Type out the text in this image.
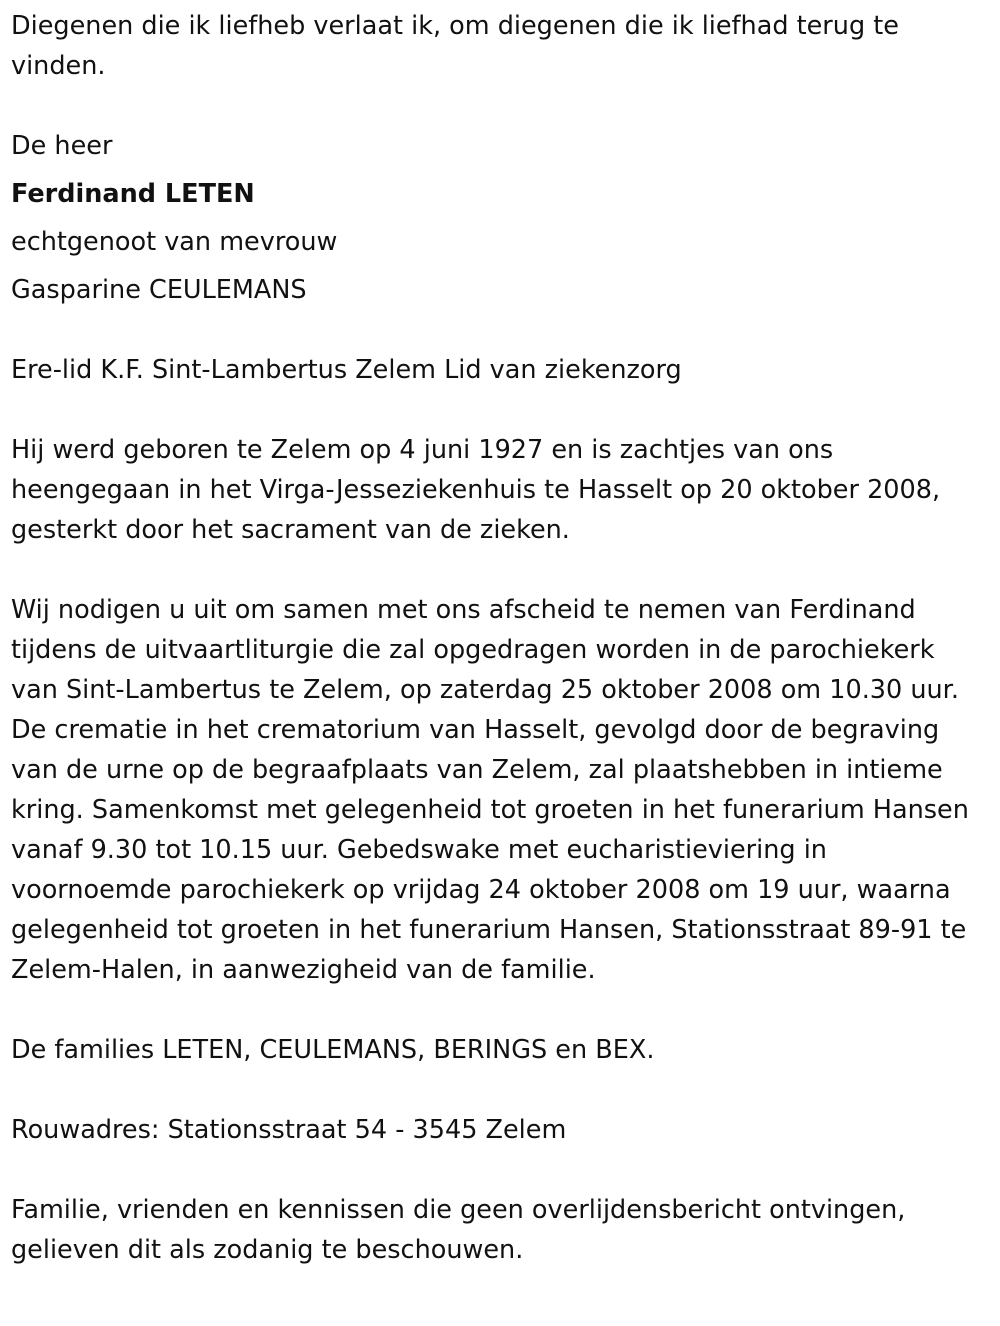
Diegenen die ik liefheb verlaat ik, om diegenen die ik liefhad terug te vinden.

De heer

Ferdinand LETEN

echtgenoot van mevrouw

Gasparine CEULEMANS

Ere-lid K.F. Sint-Lambertus Zelem Lid van ziekenzorg

Hij werd geboren te Zelem op 4 juni 1927 en is zachtjes van ons heengegaan in het Virga-Jesseziekenhuis te Hasselt op 20 oktober 2008, gesterkt door het sacrament van de zieken.

Wij nodigen u uit om samen met ons afscheid te nemen van Ferdinand tijdens de uitvaartliturgie die zal opgedragen worden in de parochiekerk van Sint-Lambertus te Zelem, op zaterdag 25 oktober 2008 om 10.30 uur. De crematie in het crematorium van Hasselt, gevolgd door de begraving van de urne op de begraafplaats van Zelem, zal plaatshebben in intieme kring. Samenkomst met gelegenheid tot groeten in het funerarium Hansen vanaf 9.30 tot 10.15 uur. Gebedswake met eucharistieviering in voornoemde parochiekerk op vrijdag 24 oktober 2008 om 19 uur, waarna gelegenheid tot groeten in het funerarium Hansen, Stationsstraat 89-91 te Zelem-Halen, in aanwezigheid van de familie.

De families LETEN, CEULEMANS, BERINGS en BEX.

Rouwadres: Stationsstraat 54 - 3545 Zelem

Familie, vrienden en kennissen die geen overlijdensbericht ontvingen, gelieven dit als zodanig te beschouwen.
